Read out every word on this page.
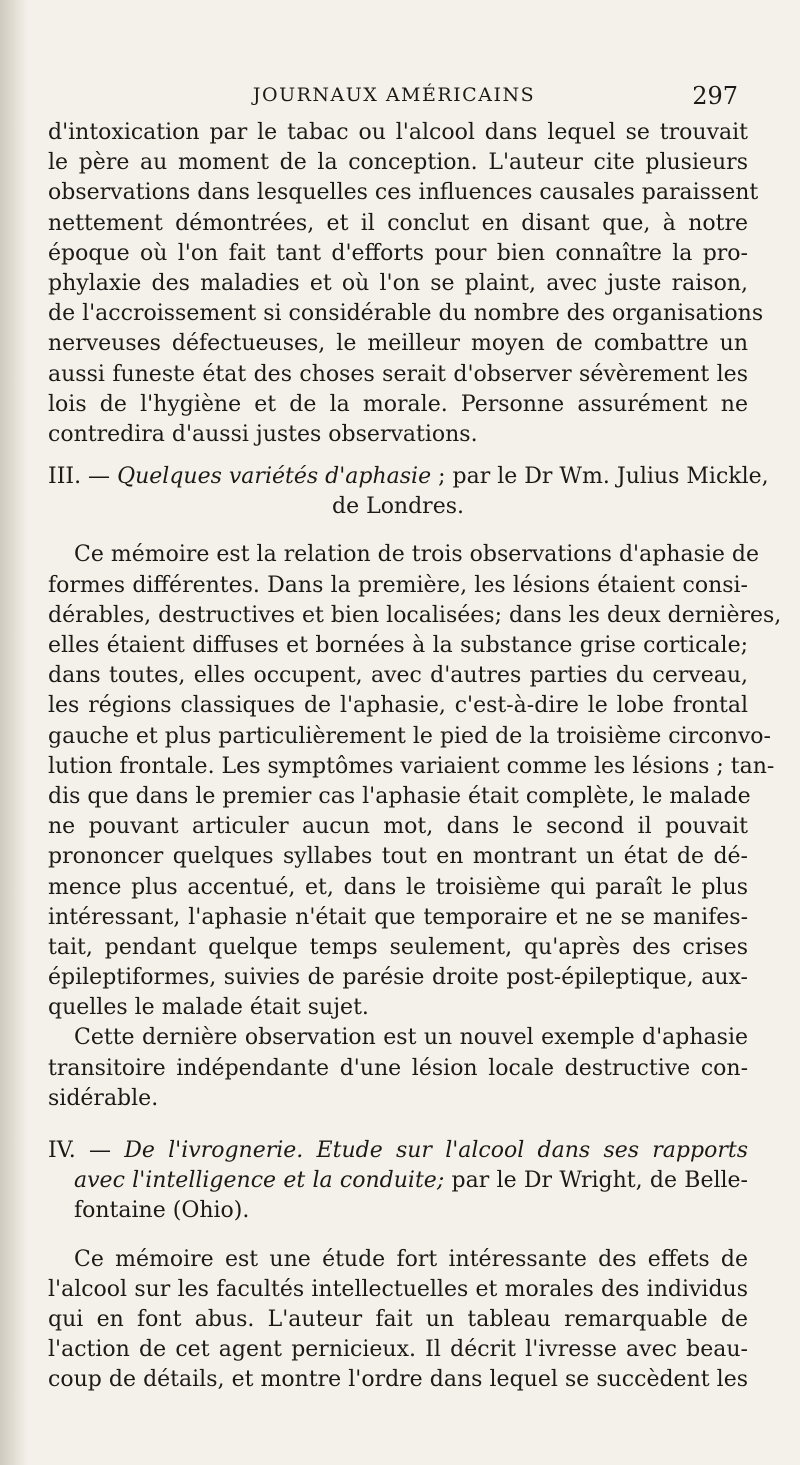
JOURNAUX AMÉRICAINS	297
d'intoxication par le tabac ou l'alcool dans lequel se trouvait
le père au moment de la conception. L'auteur cite plusieurs
observations dans lesquelles ces influences causales paraissent
nettement démontrées, et il conclut en disant que, à notre
époque où l'on fait tant d'efforts pour bien connaître la pro-
phylaxie des maladies et où l'on se plaint, avec juste raison,
de l'accroissement si considérable du nombre des organisations
nerveuses défectueuses, le meilleur moyen de combattre un
aussi funeste état des choses serait d'observer sévèrement les
lois de l'hygiène et de la morale. Personne assurément ne
contredira d'aussi justes observations.
III. — Quelques variétés d'aphasie ; par le Dr Wm. Julius Mickle,
de Londres.
Ce mémoire est la relation de trois observations d'aphasie de
formes différentes. Dans la première, les lésions étaient consi-
dérables, destructives et bien localisées; dans les deux dernières,
elles étaient diffuses et bornées à la substance grise corticale;
dans toutes, elles occupent, avec d'autres parties du cerveau,
les régions classiques de l'aphasie, c'est-à-dire le lobe frontal
gauche et plus particulièrement le pied de la troisième circonvo-
lution frontale. Les symptômes variaient comme les lésions ; tan-
dis que dans le premier cas l'aphasie était complète, le malade
ne pouvant articuler aucun mot, dans le second il pouvait
prononcer quelques syllabes tout en montrant un état de dé-
mence plus accentué, et, dans le troisième qui paraît le plus
intéressant, l'aphasie n'était que temporaire et ne se manifes-
tait, pendant quelque temps seulement, qu'après des crises
épileptiformes, suivies de parésie droite post-épileptique, aux-
quelles le malade était sujet.
Cette dernière observation est un nouvel exemple d'aphasie
transitoire indépendante d'une lésion locale destructive con-
sidérable.
IV. — De l'ivrognerie. Etude sur l'alcool dans ses rapports
avec l'intelligence et la conduite; par le Dr Wright, de Belle-
fontaine (Ohio).
Ce mémoire est une étude fort intéressante des effets de
l'alcool sur les facultés intellectuelles et morales des individus
qui en font abus. L'auteur fait un tableau remarquable de
l'action de cet agent pernicieux. Il décrit l'ivresse avec beau-
coup de détails, et montre l'ordre dans lequel se succèdent les
